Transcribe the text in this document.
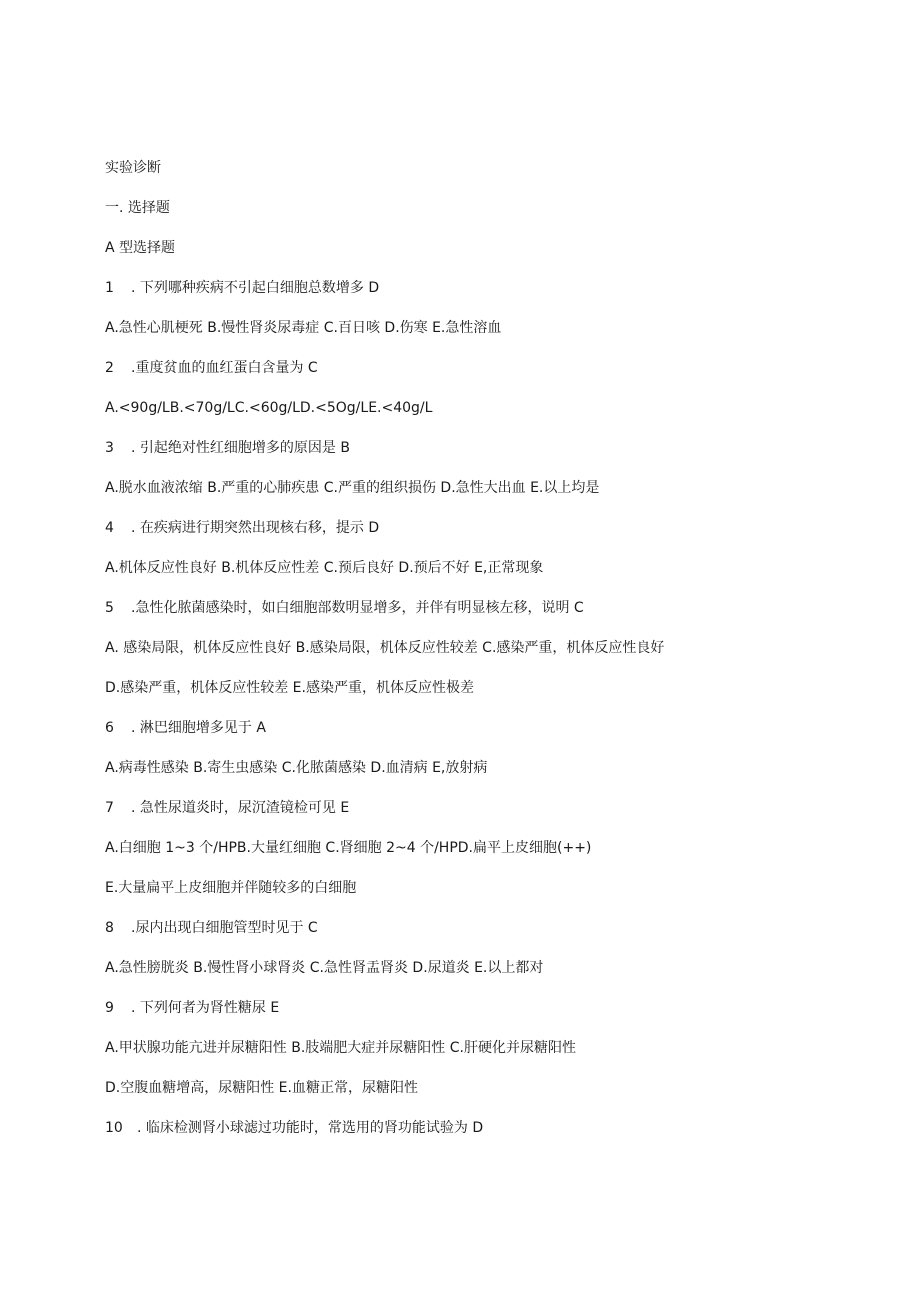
实验诊断
一. 选择题
A 型选择题
1 . 下列哪种疾病不引起白细胞总数增多 D
A.急性心肌梗死 B.慢性肾炎尿毒症 C.百日咳 D.伤寒 E.急性溶血
2 .重度贫血的血红蛋白含量为 C
A.<90g/LB.<70g/LC.<60g/LD.<5Og/LE.<40g/L
3 . 引起绝对性红细胞增多的原因是 B
A.脱水血液浓缩 B.严重的心肺疾患 C.严重的组织损伤 D.急性大出血 E.以上均是
4 . 在疾病进行期突然出现核右移，提示 D
A.机体反应性良好 B.机体反应性差 C.预后良好 D.预后不好 E,正常现象
5 .急性化脓菌感染时，如白细胞部数明显增多，并伴有明显核左移，说明 C
A. 感染局限，机体反应性良好 B.感染局限，机体反应性较差 C.感染严重，机体反应性良好
D.感染严重，机体反应性较差 E.感染严重，机体反应性极差
6 . 淋巴细胞增多见于 A
A.病毒性感染 B.寄生虫感染 C.化脓菌感染 D.血清病 E,放射病
7 . 急性尿道炎时，尿沉渣镜检可见 E
A.白细胞 1~3 个/HPB.大量红细胞 C.肾细胞 2~4 个/HPD.扁平上皮细胞(++)
E.大量扁平上皮细胞并伴随较多的白细胞
8 .尿内出现白细胞管型时见于 C
A.急性膀胱炎 B.慢性肾小球肾炎 C.急性肾盂肾炎 D.尿道炎 E.以上都对
9 . 下列何者为肾性糖尿 E
A.甲状腺功能亢进并尿糖阳性 B.肢端肥大症并尿糖阳性 C.肝硬化并尿糖阳性
D.空腹血糖增高，尿糖阳性 E.血糖正常，尿糖阳性
10 . 临床检测肾小球滤过功能时，常选用的肾功能试验为 D
